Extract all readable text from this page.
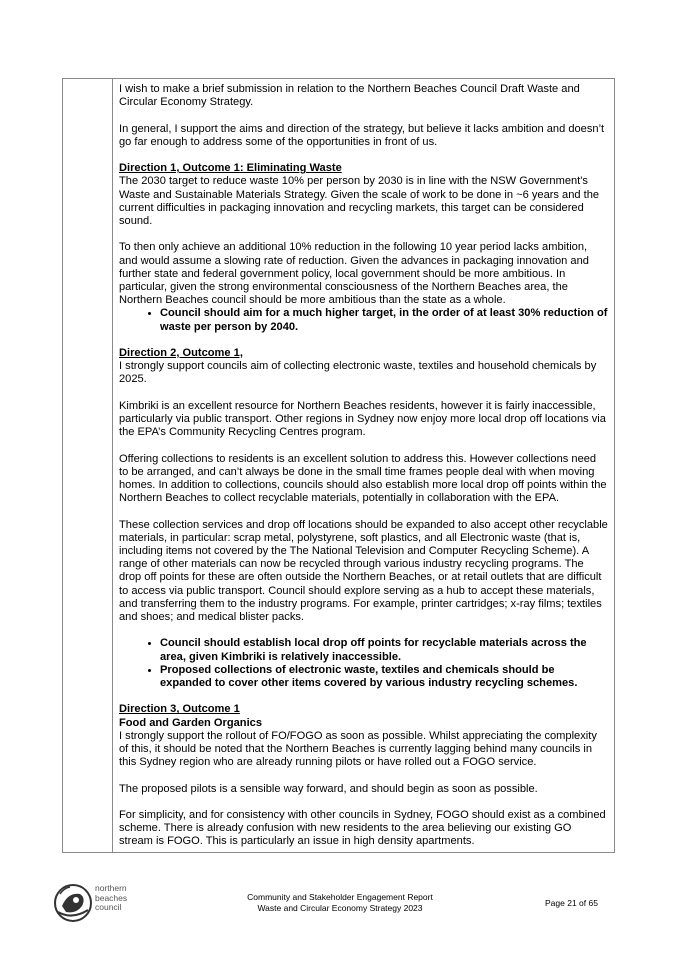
I wish to make a brief submission in relation to the Northern Beaches Council Draft Waste and Circular Economy Strategy.

In general, I support the aims and direction of the strategy, but believe it lacks ambition and doesn’t go far enough to address some of the opportunities in front of us.

Direction 1, Outcome 1: Eliminating Waste

The 2030 target to reduce waste 10% per person by 2030 is in line with the NSW Government's Waste and Sustainable Materials Strategy. Given the scale of work to be done in ~6 years and the current difficulties in packaging innovation and recycling markets, this target can be considered sound.

To then only achieve an additional 10% reduction in the following 10 year period lacks ambition, and would assume a slowing rate of reduction. Given the advances in packaging innovation and further state and federal government policy, local government should be more ambitious. In particular, given the strong environmental consciousness of the Northern Beaches area, the Northern Beaches council should be more ambitious than the state as a whole.

• Council should aim for a much higher target, in the order of at least 30% reduction of waste per person by 2040.
Direction 2, Outcome 1,

I strongly support councils aim of collecting electronic waste, textiles and household chemicals by 2025.

Kimbriki is an excellent resource for Northern Beaches residents, however it is fairly inaccessible, particularly via public transport. Other regions in Sydney now enjoy more local drop off locations via the EPA’s Community Recycling Centres program.

Offering collections to residents is an excellent solution to address this. However collections need to be arranged, and can’t always be done in the small time frames people deal with when moving homes. In addition to collections, councils should also establish more local drop off points within the Northern Beaches to collect recyclable materials, potentially in collaboration with the EPA.

These collection services and drop off locations should be expanded to also accept other recyclable materials, in particular: scrap metal, polystyrene, soft plastics, and all Electronic waste (that is, including items not covered by the The National Television and Computer Recycling Scheme). A range of other materials can now be recycled through various industry recycling programs. The drop off points for these are often outside the Northern Beaches, or at retail outlets that are difficult to access via public transport. Council should explore serving as a hub to accept these materials, and transferring them to the industry programs. For example, printer cartridges; x-ray films; textiles and shoes; and medical blister packs.

• Council should establish local drop off points for recyclable materials across the area, given Kimbriki is relatively inaccessible.
• Proposed collections of electronic waste, textiles and chemicals should be expanded to cover other items covered by various industry recycling schemes.
Direction 3, Outcome 1
Food and Garden Organics

I strongly support the rollout of FO/FOGO as soon as possible. Whilst appreciating the complexity of this, it should be noted that the Northern Beaches is currently lagging behind many councils in this Sydney region who are already running pilots or have rolled out a FOGO service.

The proposed pilots is a sensible way forward, and should begin as soon as possible.

For simplicity, and for consistency with other councils in Sydney, FOGO should exist as a combined scheme. There is already confusion with new residents to the area believing our existing GO stream is FOGO. This is particularly an issue in high density apartments.

northern
beaches
council
Community and Stakeholder Engagement Report
Waste and Circular Economy Strategy 2023	Page 21 of 65
